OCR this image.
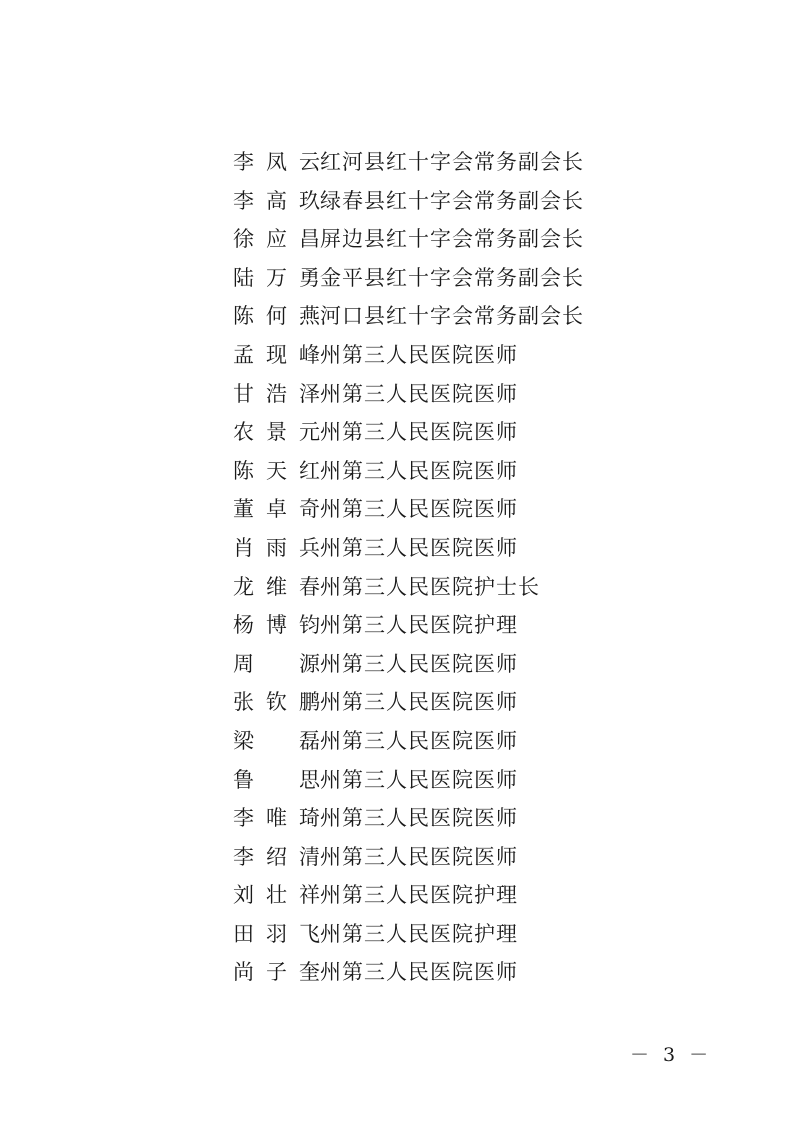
李凤云红河县红十字会常务副会长
李高玖绿春县红十字会常务副会长
徐应昌屏边县红十字会常务副会长
陆万勇金平县红十字会常务副会长
陈何燕河口县红十字会常务副会长
孟现峰州第三人民医院医师
甘浩泽州第三人民医院医师
农景元州第三人民医院医师
陈天红州第三人民医院医师
董卓奇州第三人民医院医师
肖雨兵州第三人民医院医师
龙维春州第三人民医院护士长
杨博钧州第三人民医院护理
周 源州第三人民医院医师
张钦鹏州第三人民医院医师
梁 磊州第三人民医院医师
鲁 思州第三人民医院医师
李唯琦州第三人民医院医师
李绍清州第三人民医院医师
刘壮祥州第三人民医院护理
田羽飞州第三人民医院护理
尚子奎州第三人民医院医师
－ 3 －
